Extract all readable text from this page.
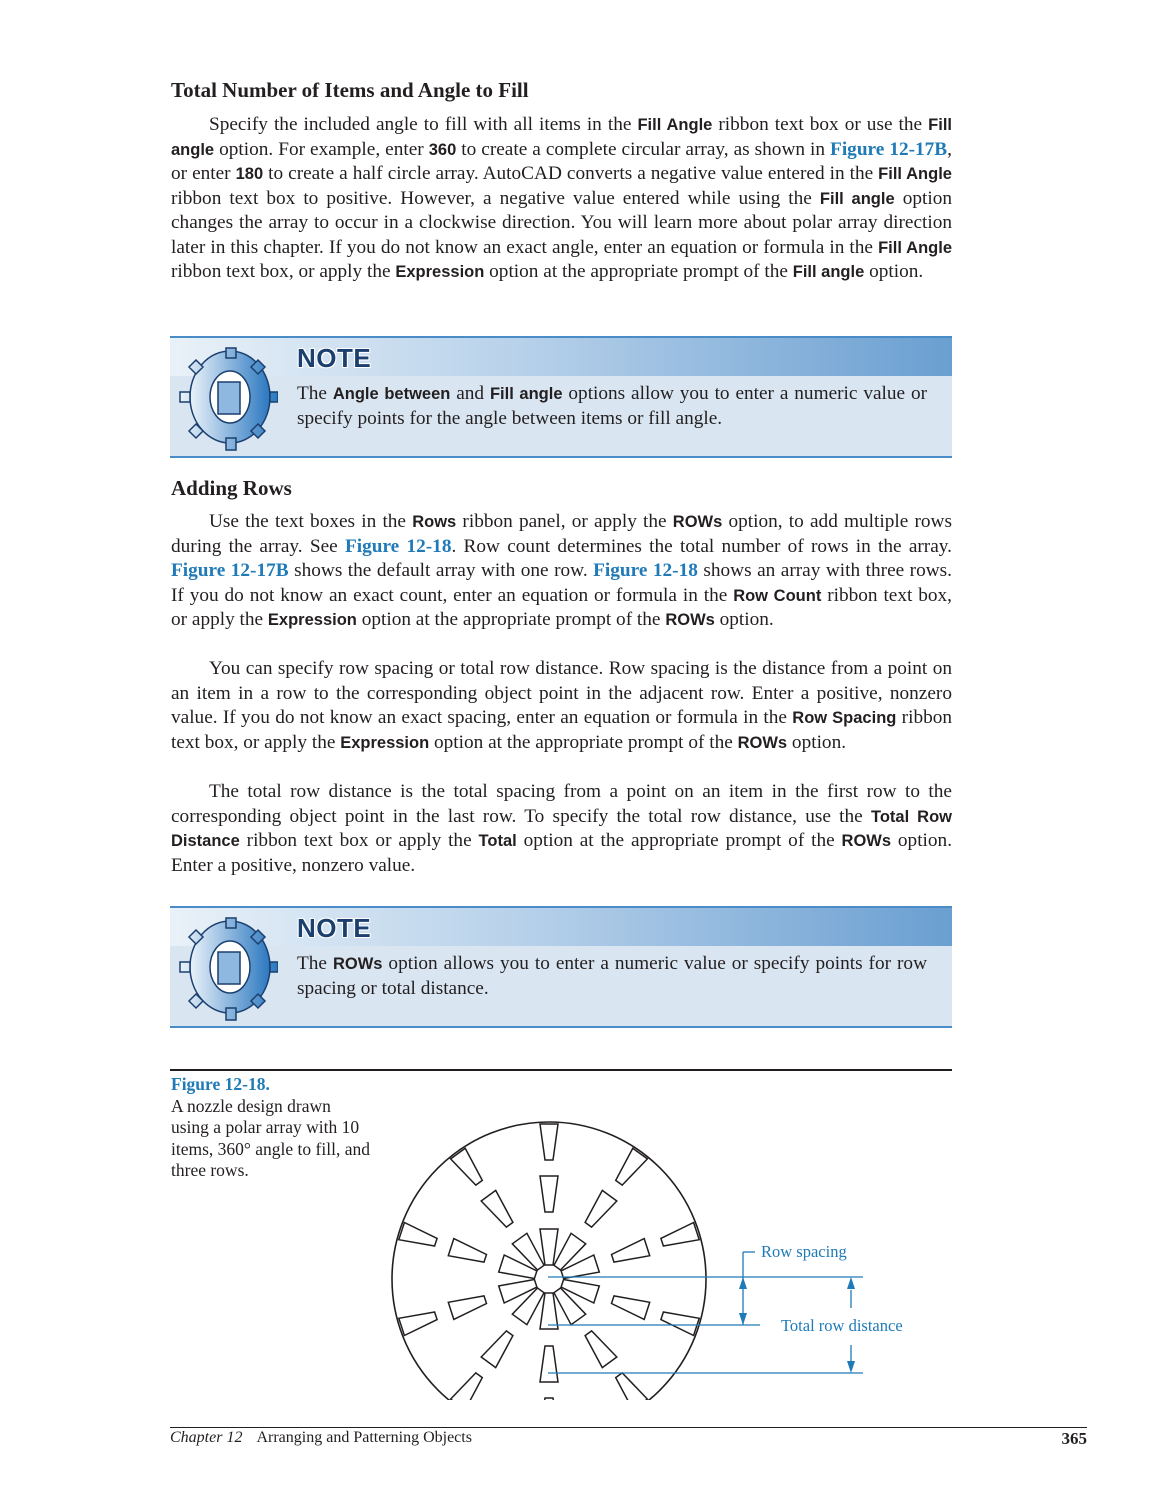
Total Number of Items and Angle to Fill

Specify the included angle to fill with all items in the Fill Angle ribbon text box or use the Fill angle option. For example, enter 360 to create a complete circular array, as shown in Figure 12-17B, or enter 180 to create a half circle array. AutoCAD converts a negative value entered in the Fill Angle ribbon text box to positive. However, a negative value entered while using the Fill angle option changes the array to occur in a clockwise direction. You will learn more about polar array direction later in this chapter. If you do not know an exact angle, enter an equation or formula in the Fill Angle ribbon text box, or apply the Expression option at the appropriate prompt of the Fill angle option.

NOTE
The Angle between and Fill angle options allow you to enter a numeric value or specify points for the angle between items or fill angle.
Adding Rows

Use the text boxes in the Rows ribbon panel, or apply the ROWs option, to add multiple rows during the array. See Figure 12-18. Row count determines the total number of rows in the array. Figure 12-17B shows the default array with one row. Figure 12-18 shows an array with three rows. If you do not know an exact count, enter an equation or formula in the Row Count ribbon text box, or apply the Expression option at the appropriate prompt of the ROWs option.

You can specify row spacing or total row distance. Row spacing is the distance from a point on an item in a row to the corresponding object point in the adjacent row. Enter a positive, nonzero value. If you do not know an exact spacing, enter an equation or formula in the Row Spacing ribbon text box, or apply the Expression option at the appropriate prompt of the ROWs option.

The total row distance is the total spacing from a point on an item in the first row to the corresponding object point in the last row. To specify the total row distance, use the Total Row Distance ribbon text box or apply the Total option at the appropriate prompt of the ROWs option. Enter a positive, nonzero value.

NOTE
The ROWs option allows you to enter a numeric value or specify points for row spacing or total distance.
Figure 12-18.
A nozzle design drawn using a polar array with 10 items, 360° angle to fill, and three rows.
Row spacing
Total row distance
Chapter 12 Arranging and Patterning Objects	365
